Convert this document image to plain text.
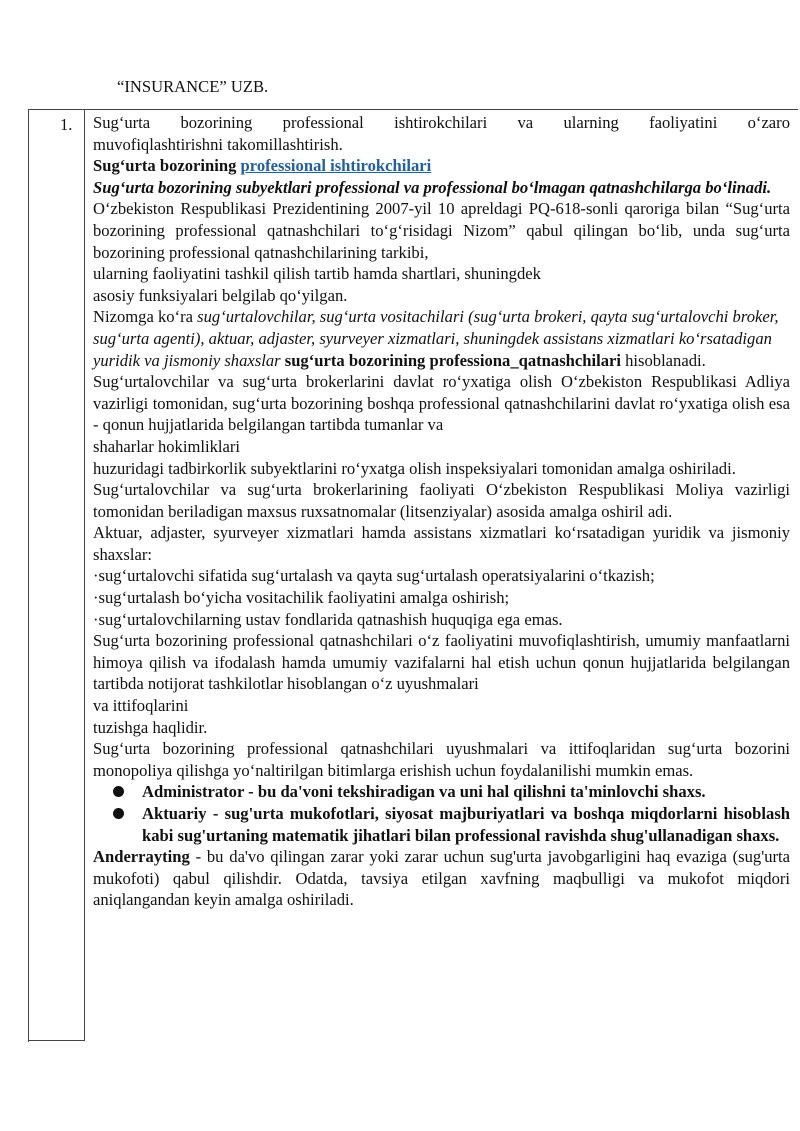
“INSURANCE” UZB.
1. Sug‘urta bozorining professional ishtirokchilari va ularning faoliyatini o‘zaro

muvofiqlashtirishni takomillashtirish.

Sug‘urta bozorining professional ishtirokchilari

Sug‘urta bozorining subyektlari professional va professional bo‘lmagan qatnashchilarga bo‘linadi.

O‘zbekiston Respublikasi Prezidentining 2007-yil 10 apreldagi PQ-618-sonli qaroriga bilan “Sug‘urta bozorining professional qatnashchilari to‘g‘risidagi Nizom” qabul qilingan bo‘lib, unda sug‘urta bozorining professional qatnashchilarining tarkibi,

ularning faoliyatini tashkil qilish tartib hamda shartlari, shuningdek

asosiy funksiyalari belgilab qo‘yilgan.

Nizomga ko‘ra sug‘urtalovchilar, sug‘urta vositachilari (sug‘urta brokeri, qayta sug‘urtalovchi broker, sug‘urta agenti), aktuar, adjaster, syurveyer xizmatlari, shuningdek assistans xizmatlari ko‘rsatadigan yuridik va jismoniy shaxslar sug‘urta bozorining professiona_qatnashchilari hisoblanadi.

Sug‘urtalovchilar va sug‘urta brokerlarini davlat ro‘yxatiga olish O‘zbekiston Respublikasi Adliya vazirligi tomonidan, sug‘urta bozorining boshqa professional qatnashchilarini davlat ro‘yxatiga olish esa - qonun hujjatlarida belgilangan tartibda tumanlar va

shaharlar hokimliklari

huzuridagi tadbirkorlik subyektlarini ro‘yxatga olish inspeksiyalari tomonidan amalga oshiriladi.

Sug‘urtalovchilar va sug‘urta brokerlarining faoliyati O‘zbekiston Respublikasi Moliya vazirligi tomonidan beriladigan maxsus ruxsatnomalar (litsenziyalar) asosida amalga oshiril adi.

Aktuar, adjaster, syurveyer xizmatlari hamda assistans xizmatlari ko‘rsatadigan yuridik va jismoniy shaxslar:

·sug‘urtalovchi sifatida sug‘urtalash va qayta sug‘urtalash operatsiyalarini o‘tkazish;

·sug‘urtalash bo‘yicha vositachilik faoliyatini amalga oshirish;

·sug‘urtalovchilarning ustav fondlarida qatnashish huquqiga ega emas.

Sug‘urta bozorining professional qatnashchilari o‘z faoliyatini muvofiqlashtirish, umumiy manfaatlarni himoya qilish va ifodalash hamda umumiy vazifalarni hal etish uchun qonun hujjatlarida belgilangan tartibda notijorat tashkilotlar hisoblangan o‘z uyushmalari

va ittifoqlarini

tuzishga haqlidir.

Sug‘urta bozorining professional qatnashchilari uyushmalari va ittifoqlaridan sug‘urta bozorini monopoliya qilishga yo‘naltirilgan bitimlarga erishish uchun foydalanilishi mumkin emas.

Administrator - bu da'voni tekshiradigan va uni hal qilishni ta'minlovchi shaxs.
Aktuariy - sug'urta mukofotlari, siyosat majburiyatlari va boshqa miqdorlarni hisoblash kabi sug'urtaning matematik jihatlari bilan professional ravishda shug'ullanadigan shaxs.

Anderrayting - bu da'vo qilingan zarar yoki zarar uchun sug'urta javobgarligini haq evaziga (sug'urta mukofoti) qabul qilishdir. Odatda, tavsiya etilgan xavfning maqbulligi va mukofot miqdori aniqlangandan keyin amalga oshiriladi.
